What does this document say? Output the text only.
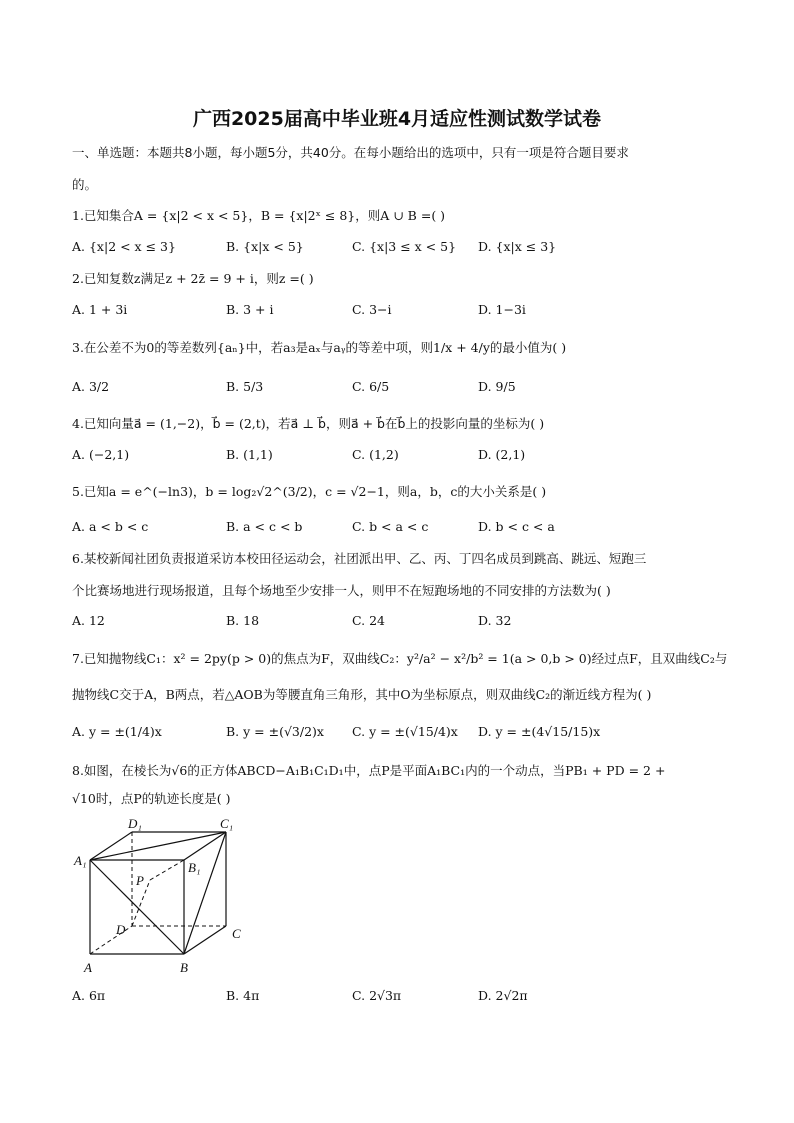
广西2025届高中毕业班4月适应性测试数学试卷
一、单选题：本题共8小题，每小题5分，共40分。在每小题给出的选项中，只有一项是符合题目要求
的。
1.已知集合A = {x|2 < x < 5}，B = {x|2ˣ ≤ 8}，则A ∪ B =( )
A. {x|2 < x ≤ 3}	B. {x|x < 5}	C. {x|3 ≤ x < 5} D. {x|x ≤ 3}
2.已知复数z满足z + 2z̄ = 9 + i，则z =( )
A. 1 + 3i	B. 3 + i	C. 3−i	D. 1−3i
3.在公差不为0的等差数列{aₙ}中，若a₃是aₓ与aᵧ的等差中项，则1/x + 4/y的最小值为( )
A. 3/2	B. 5/3	C. 6/5	D. 9/5
4.已知向量a⃗ = (1,−2)，b⃗ = (2,t)，若a⃗ ⊥ b⃗，则a⃗ + b⃗在b⃗上的投影向量的坐标为( )
A. (−2,1)	B. (1,1)	C. (1,2)	D. (2,1)
5.已知a = e^(−ln3)，b = log₂√2^(3/2)，c = √2−1，则a，b，c的大小关系是( )
A. a < b < c	B. a < c < b	C. b < a < c	D. b < c < a
6.某校新闻社团负责报道采访本校田径运动会，社团派出甲、乙、丙、丁四名成员到跳高、跳远、短跑三
个比赛场地进行现场报道，且每个场地至少安排一人，则甲不在短跑场地的不同安排的方法数为( )
A. 12	B. 18	C. 24	D. 32
7.已知抛物线C₁：x² = 2py(p > 0)的焦点为F，双曲线C₂：y²/a² − x²/b² = 1(a > 0,b > 0)经过点F，且双曲线C₂与
抛物线C交于A，B两点，若△AOB为等腰直角三角形，其中O为坐标原点，则双曲线C₂的渐近线方程为( )
A. y = ±(1/4)x	B. y = ±(√3/2)x C. y = ±(√15/4)x D. y = ±(4√15/15)x
8.如图，在棱长为√6的正方体ABCD−A₁B₁C₁D₁中，点P是平面A₁BC₁内的一个动点，当PB₁ + PD = 2 +
√10时，点P的轨迹长度是( )
A₁	B₁
D₁	C₁
P
D	C
A	B
A. 6π	B. 4π	C. 2√3π	D. 2√2π
